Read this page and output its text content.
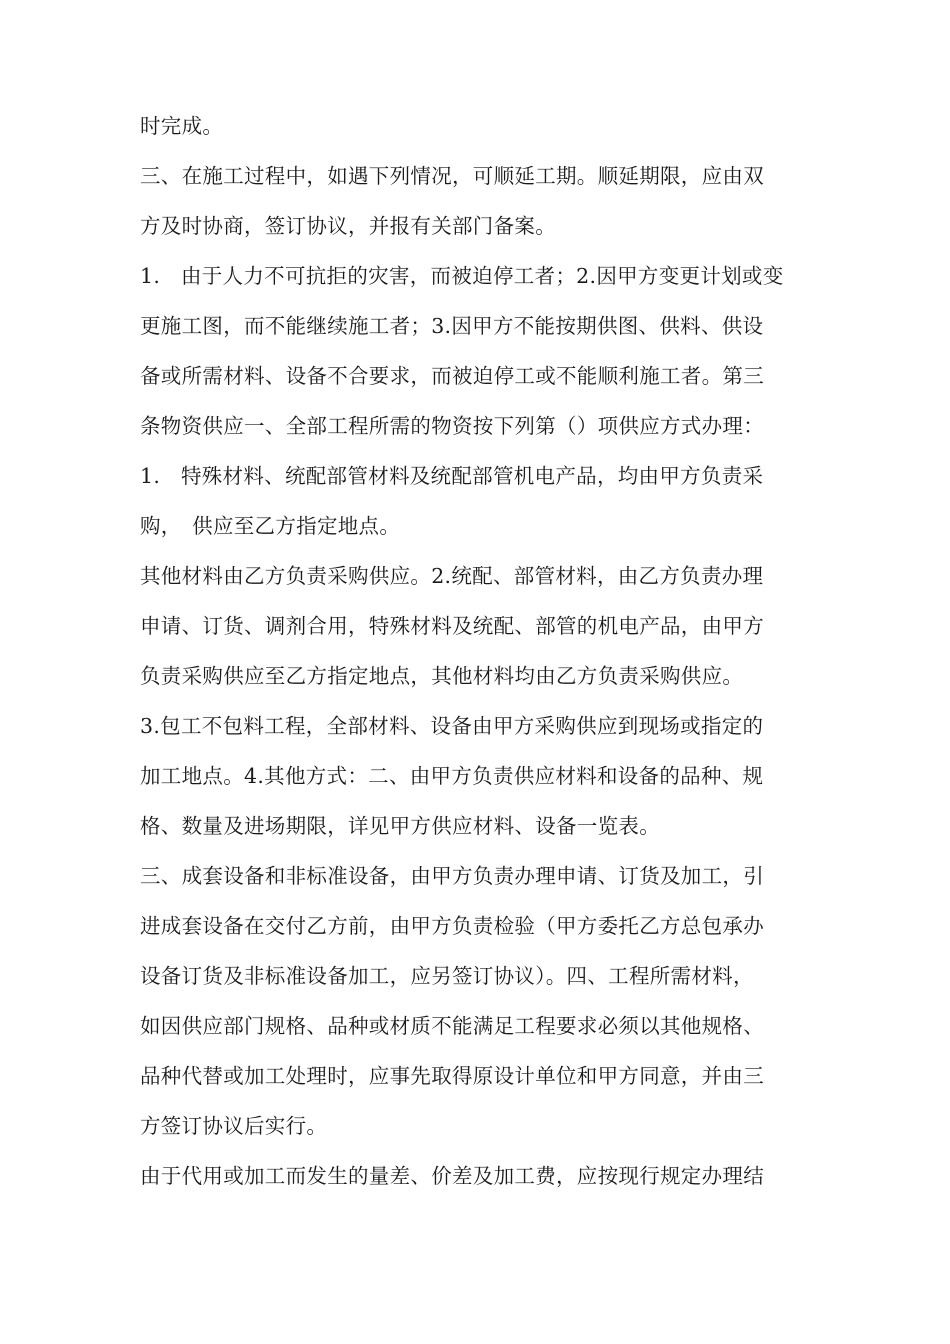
时完成。
三、在施工过程中，如遇下列情况，可顺延工期。顺延期限，应由双
方及时协商，签订协议，并报有关部门备案。
1.　由于人力不可抗拒的灾害，而被迫停工者；2.因甲方变更计划或变
更施工图，而不能继续施工者；3.因甲方不能按期供图、供料、供设
备或所需材料、设备不合要求，而被迫停工或不能顺利施工者。第三
条物资供应一、全部工程所需的物资按下列第（）项供应方式办理：
1.　特殊材料、统配部管材料及统配部管机电产品，均由甲方负责采
购，　供应至乙方指定地点。
其他材料由乙方负责采购供应。2.统配、部管材料，由乙方负责办理
申请、订货、调剂合用，特殊材料及统配、部管的机电产品，由甲方
负责采购供应至乙方指定地点，其他材料均由乙方负责采购供应。
3.包工不包料工程，全部材料、设备由甲方采购供应到现场或指定的
加工地点。4.其他方式：二、由甲方负责供应材料和设备的品种、规
格、数量及进场期限，详见甲方供应材料、设备一览表。
三、成套设备和非标准设备，由甲方负责办理申请、订货及加工，引
进成套设备在交付乙方前，由甲方负责检验（甲方委托乙方总包承办
设备订货及非标准设备加工，应另签订协议）。四、工程所需材料，
如因供应部门规格、品种或材质不能满足工程要求必须以其他规格、
品种代替或加工处理时，应事先取得原设计单位和甲方同意，并由三
方签订协议后实行。
由于代用或加工而发生的量差、价差及加工费，应按现行规定办理结
